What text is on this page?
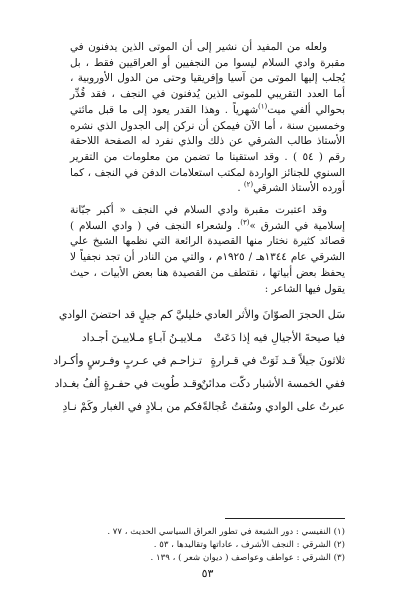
ولعله من المفيد أن نشير إلى أن الموتى الذين يدفنون في مقبرة وادي السلام ليسوا من النجفيين أو العراقيين فقط ، بل يُجلب إليها الموتى من آسيا وإفريقيا وحتى من الدول الأوروبية ، أما العدد التقريبي للموتى الذين يُدفنون في النجف ، فقد قُدِّر بحوالي ألفي ميت$^{(١)}$شهرياً . وهذا القدر يعود إلى ما قبل مائتي وخمسين سنة ، أما الآن فيمكن أن نركن إلى الجدول الذي نشره الأستاذ طالب الشرقي عن ذلك والذي نفرد له الصفحة اللاحقة رقم ( ٥٤ ) . وقد استقينا ما تضمن من معلومات من التقرير السنوي للجنائز الواردة لمكتب استعلامات الدفن في النجف ، كما أورده الأستاذ الشرقي$^{(٢)}$ .

وقد اعتبرت مقبرة وادي السلام في النجف « أكبر جبّانة إسلامية في الشرق »$^{(٣)}$. ولشعراء النجف في ( وادي السلام ) قصائد كثيرة نختار منها القصيدة الرائعة التي نظمها الشيخ علي الشرقي عام ١٣٤٤هـ / ١٩٢٥م ، والتي من النادر أن تجد نجفياً لا يحفظ بعض أبياتها ، نقتطف من القصيدة هنا بعض الأبيات ، حيث يقول فيها الشاعر :

سَل الحجرَ الصوّانَ والأثر العادي
خليليَّ كم جيلٍ قد احتضنَ الوادي
فيا صيحةَ الأجيالِ فيه إذا دَعَتْ
مـلاييـنُ آبـاءٍ مـلاييـنَ أجـداد
ثلاثونَ جيلاً قـد ثَوَتْ في قـرارةٍ
تـزاحـم في عـربٍ وفـرسٍ وأكـراد
ففي الخمسة الأشبار دكّت مدائنٌ
وقـد طُويت في حفـرةٍ ألفُ بغـداد
عبرتُ على الوادي وسُقتُ عُجالةً
فكم من بـلادٍ في الغبار وكَمْ نـادِ
(١) النفيسي : دور الشيعة في تطور العراق السياسي الحديث ، ٧٧ .
(٢) الشرقي : النجف الأشرف ، عاداتها وتقاليدها ، ٥٣ .
(٣) الشرقي : عواطف وعواصف ( ديوان شعر ) ، ١٣٩ .
٥٣
